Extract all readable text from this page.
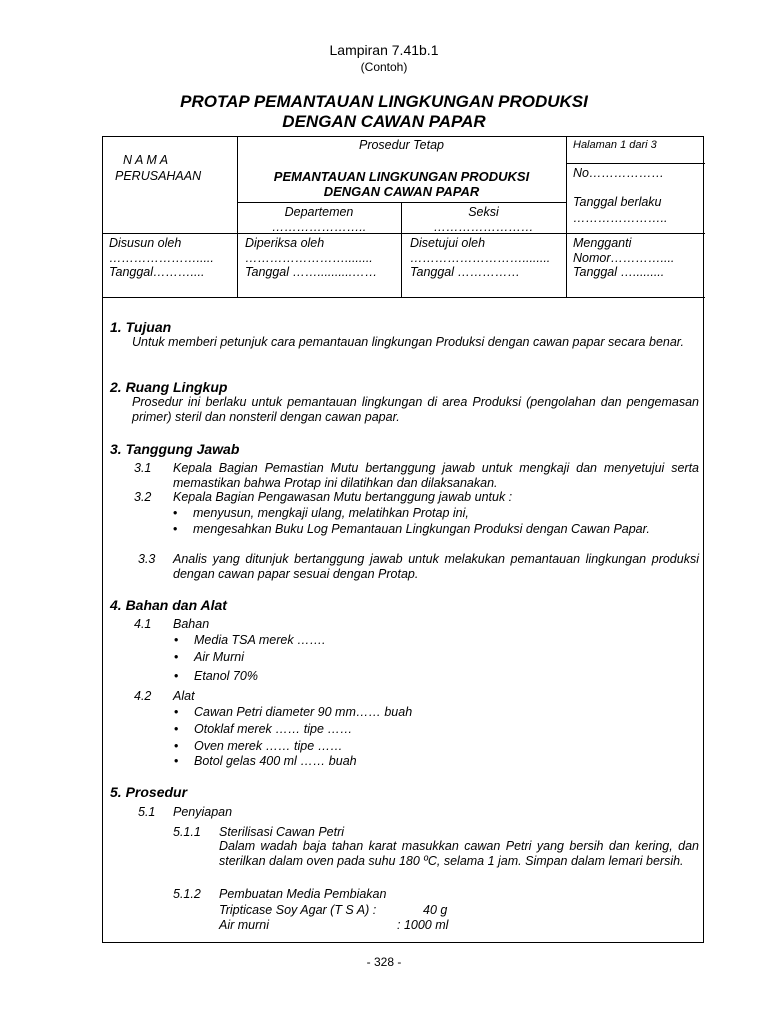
Lampiran 7.41b.1
(Contoh)
PROTAP PEMANTAUAN LINGKUNGAN PRODUKSI
DENGAN CAWAN PAPAR
N A M A
PERUSAHAAN
Prosedur Tetap
PEMANTAUAN LINGKUNGAN PRODUKSI
DENGAN CAWAN PAPAR
Departemen
…………………..
Seksi
……………………
Halaman 1 dari 3
No………………
Tanggal berlaku
…………………..
Disusun oleh
………………….....
Tanggal………....
Diperiksa oleh
……………………........
Tanggal ……..........……
Disetujui oleh
………………………........
Tanggal ……………
Mengganti
Nomor…………....
Tanggal ….........
1. Tujuan
Untuk memberi petunjuk cara pemantauan lingkungan Produksi dengan cawan papar secara benar.
2. Ruang Lingkup
Prosedur ini berlaku untuk pemantauan lingkungan di area Produksi (pengolahan dan pengemasan primer) steril dan nonsteril dengan cawan papar.
3. Tanggung Jawab
3.1 Kepala Bagian Pemastian Mutu bertanggung jawab untuk mengkaji dan menyetujui serta memastikan bahwa Protap ini dilatihkan dan dilaksanakan.
3.2 Kepala Bagian Pengawasan Mutu bertanggung jawab untuk :
• menyusun, mengkaji ulang, melatihkan Protap ini,
• mengesahkan Buku Log Pemantauan Lingkungan Produksi dengan Cawan Papar.
3.3 Analis yang ditunjuk bertanggung jawab untuk melakukan pemantauan lingkungan produksi dengan cawan papar sesuai dengan Protap.
4. Bahan dan Alat
4.1 Bahan
• Media TSA merek …….
• Air Murni
• Etanol 70%
4.2 Alat
• Cawan Petri diameter 90 mm…… buah
• Otoklaf merek …… tipe ……
• Oven merek …… tipe ……
• Botol gelas 400 ml …… buah
5. Prosedur
5.1 Penyiapan
5.1.1 Sterilisasi Cawan Petri
Dalam wadah baja tahan karat masukkan cawan Petri yang bersih dan kering, dan sterilkan dalam oven pada suhu 180 ºC, selama 1 jam. Simpan dalam lemari bersih.
5.1.2 Pembuatan Media Pembiakan
Tripticase Soy Agar (T S A) :	40 g
Air murni	: 1000 ml
- 328 -
